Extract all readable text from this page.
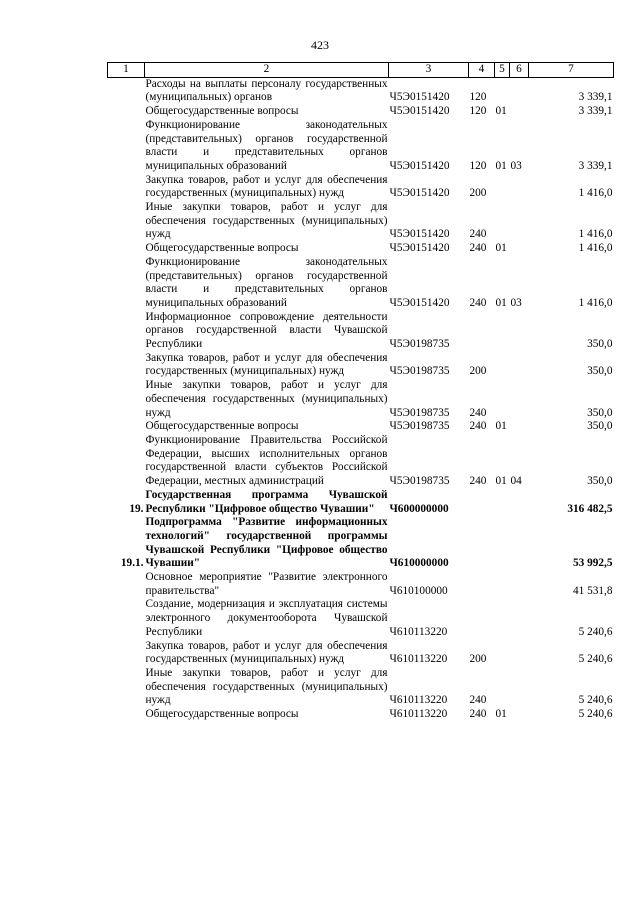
423
1	2	3	4	5	6	7
	Расходы на выплаты персоналу государственных (муниципальных) органов	Ч5Э0151420	120			3 339,1
	Общегосударственные вопросы	Ч5Э0151420	120	01		3 339,1
	Функционирование законодательных (представительных) органов государственной власти и представительных органов муниципальных образований	Ч5Э0151420	120	01	03	3 339,1
	Закупка товаров, работ и услуг для обеспечения государственных (муниципальных) нужд	Ч5Э0151420	200			1 416,0
	Иные закупки товаров, работ и услуг для обеспечения государственных (муниципальных) нужд	Ч5Э0151420	240			1 416,0
	Общегосударственные вопросы	Ч5Э0151420	240	01		1 416,0
	Функционирование законодательных (представительных) органов государственной власти и представительных органов муниципальных образований	Ч5Э0151420	240	01	03	1 416,0
	Информационное сопровождение деятельности органов государственной власти Чувашской Республики	Ч5Э0198735				350,0
	Закупка товаров, работ и услуг для обеспечения государственных (муниципальных) нужд	Ч5Э0198735	200			350,0
	Иные закупки товаров, работ и услуг для обеспечения государственных (муниципальных) нужд	Ч5Э0198735	240			350,0
	Общегосударственные вопросы	Ч5Э0198735	240	01		350,0
	Функционирование Правительства Российской Федерации, высших исполнительных органов государственной власти субъектов Российской Федерации, местных администраций	Ч5Э0198735	240	01	04	350,0
19.	Государственная программа Чувашской Республики "Цифровое общество Чувашии"	Ч600000000				316 482,5
19.1.	Подпрограмма "Развитие информационных технологий" государственной программы Чувашской Республики "Цифровое общество Чувашии"	Ч610000000				53 992,5
	Основное мероприятие "Развитие электронного правительства"	Ч610100000				41 531,8
	Создание, модернизация и эксплуатация системы электронного документооборота Чувашской Республики	Ч610113220				5 240,6
	Закупка товаров, работ и услуг для обеспечения государственных (муниципальных) нужд	Ч610113220	200			5 240,6
	Иные закупки товаров, работ и услуг для обеспечения государственных (муниципальных) нужд	Ч610113220	240			5 240,6
	Общегосударственные вопросы	Ч610113220	240	01		5 240,6
